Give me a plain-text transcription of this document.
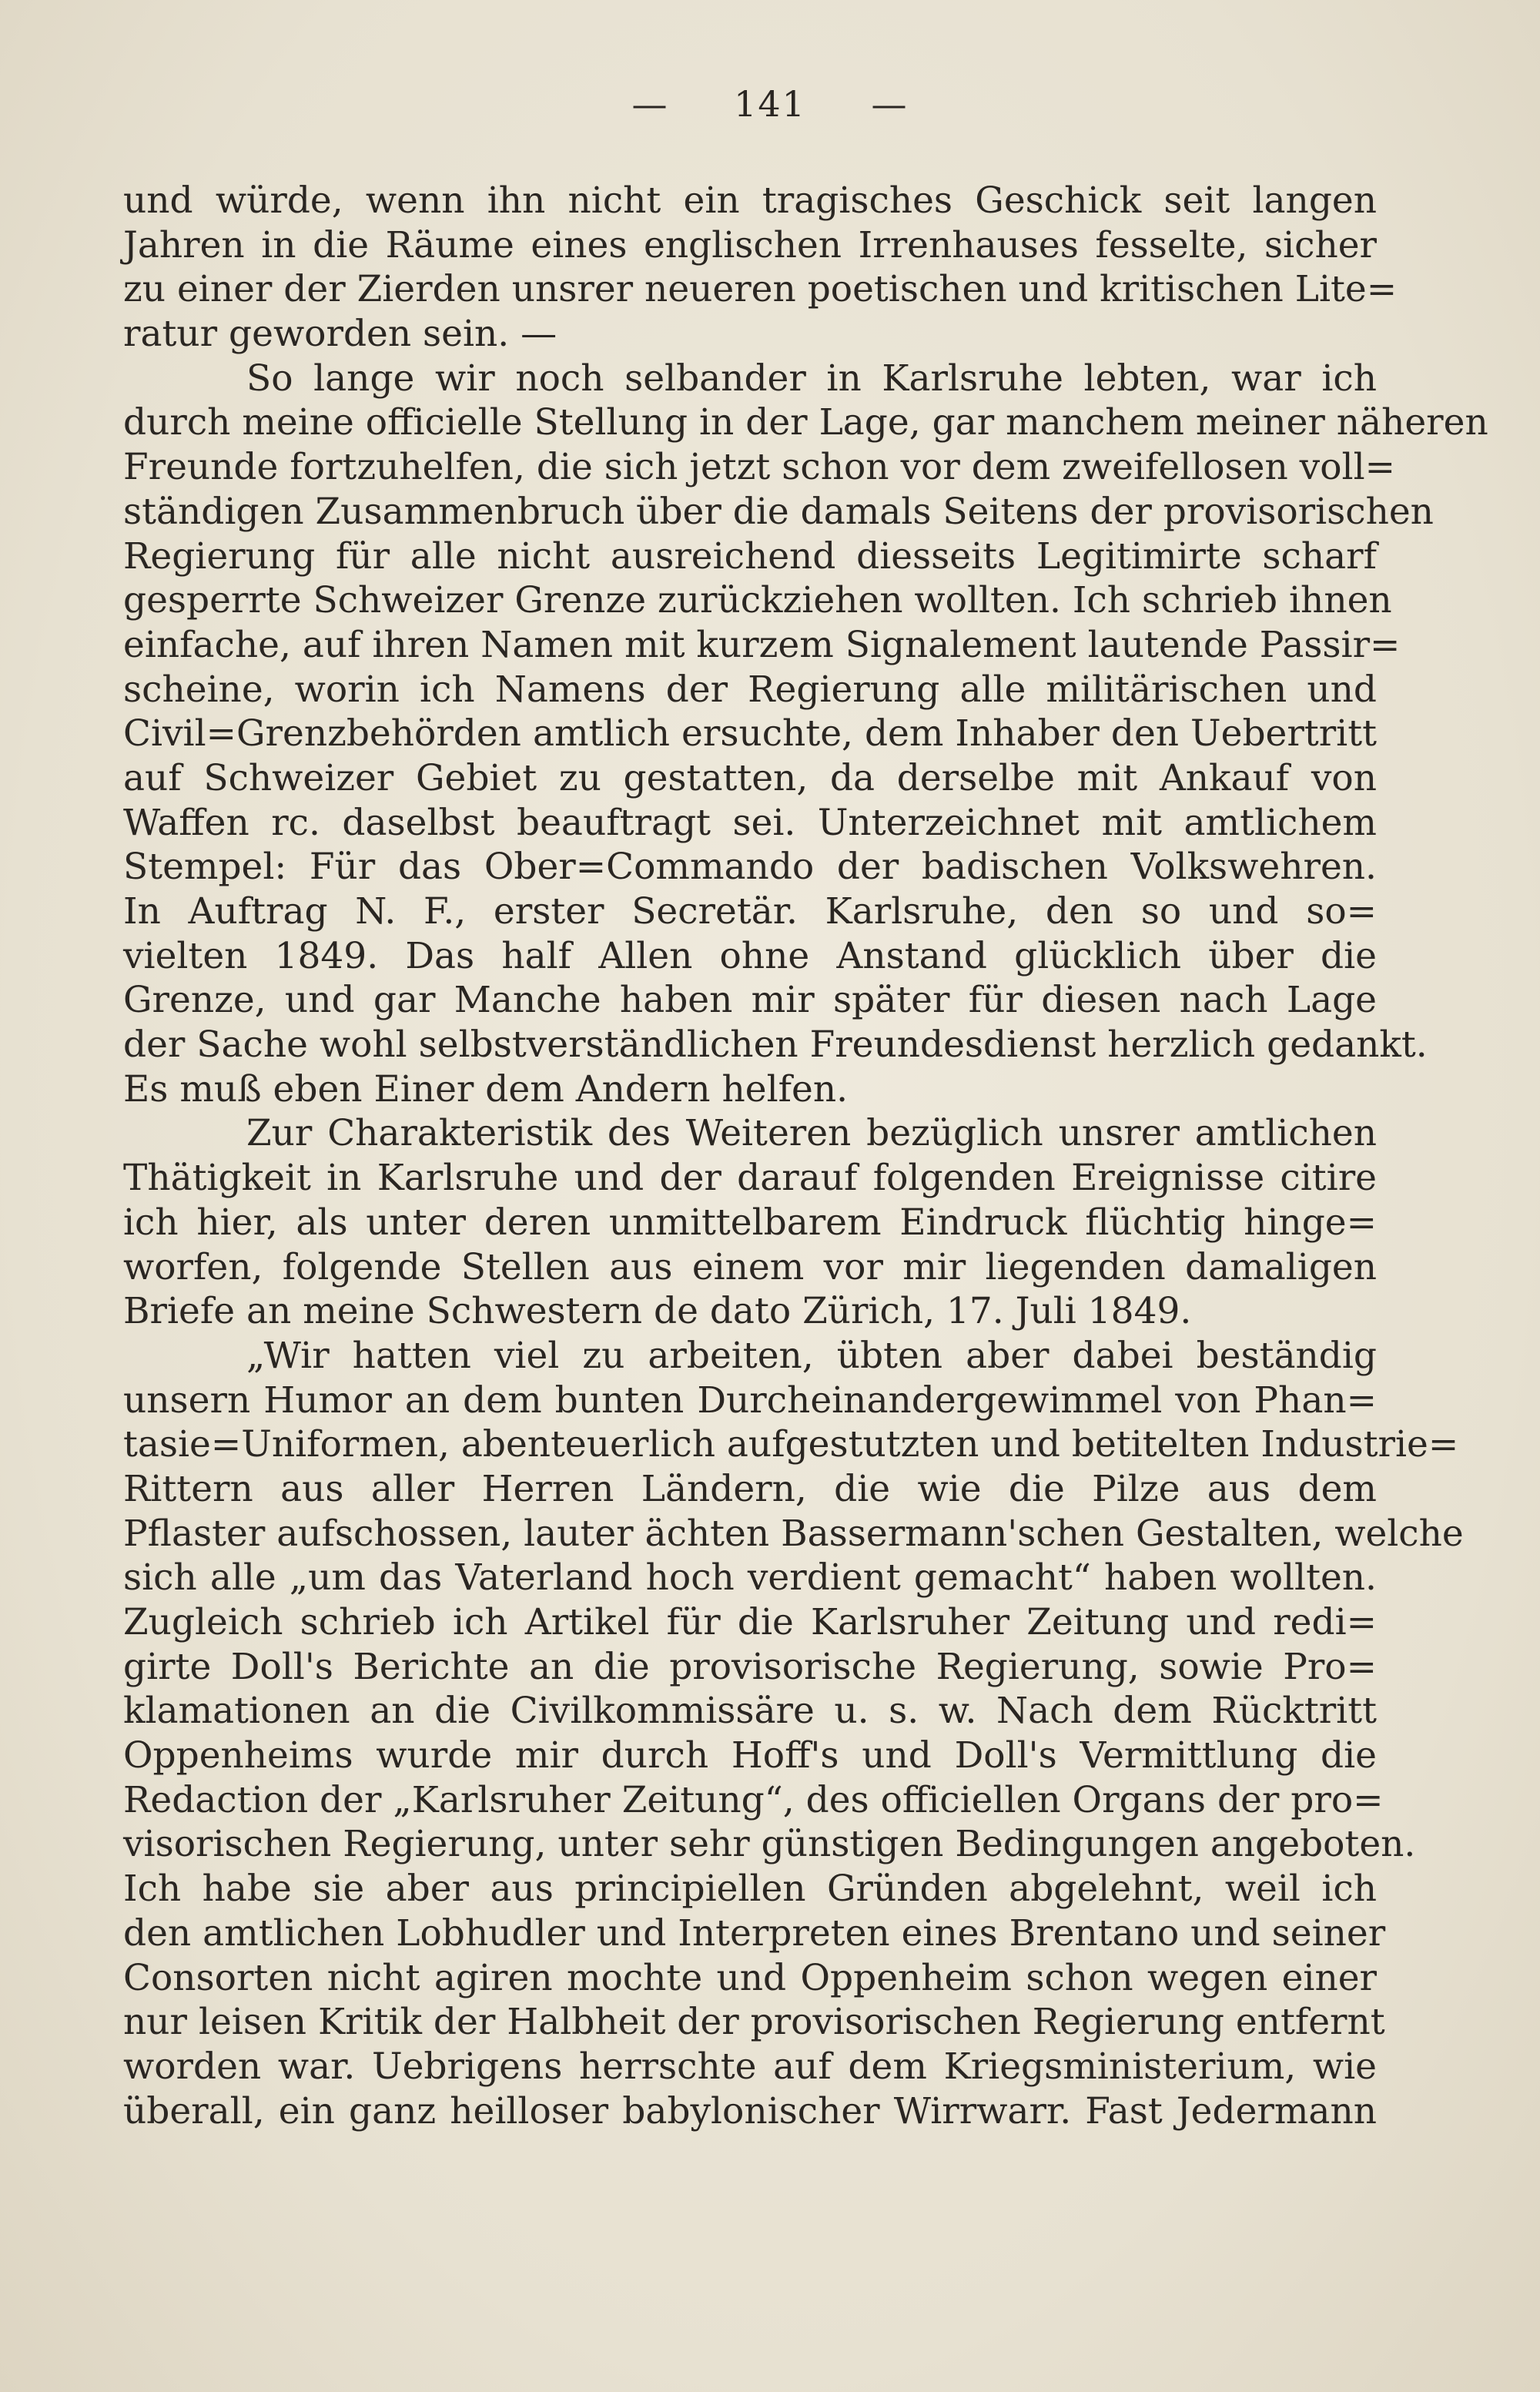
— 141 —
und würde, wenn ihn nicht ein tragisches Geschick seit langen
Jahren in die Räume eines englischen Irrenhauses fesselte, sicher
zu einer der Zierden unsrer neueren poetischen und kritischen Lite=
ratur geworden sein. —
So lange wir noch selbander in Karlsruhe lebten, war ich
durch meine officielle Stellung in der Lage, gar manchem meiner näheren
Freunde fortzuhelfen, die sich jetzt schon vor dem zweifellosen voll=
ständigen Zusammenbruch über die damals Seitens der provisorischen
Regierung für alle nicht ausreichend diesseits Legitimirte scharf
gesperrte Schweizer Grenze zurückziehen wollten. Ich schrieb ihnen
einfache, auf ihren Namen mit kurzem Signalement lautende Passir=
scheine, worin ich Namens der Regierung alle militärischen und
Civil=Grenzbehörden amtlich ersuchte, dem Inhaber den Uebertritt
auf Schweizer Gebiet zu gestatten, da derselbe mit Ankauf von
Waffen rc. daselbst beauftragt sei. Unterzeichnet mit amtlichem
Stempel: Für das Ober=Commando der badischen Volkswehren.
In Auftrag N. F., erster Secretär. Karlsruhe, den so und so=
vielten 1849. Das half Allen ohne Anstand glücklich über die
Grenze, und gar Manche haben mir später für diesen nach Lage
der Sache wohl selbstverständlichen Freundesdienst herzlich gedankt.
Es muß eben Einer dem Andern helfen.
Zur Charakteristik des Weiteren bezüglich unsrer amtlichen
Thätigkeit in Karlsruhe und der darauf folgenden Ereignisse citire
ich hier, als unter deren unmittelbarem Eindruck flüchtig hinge=
worfen, folgende Stellen aus einem vor mir liegenden damaligen
Briefe an meine Schwestern de dato Zürich, 17. Juli 1849.
„Wir hatten viel zu arbeiten, übten aber dabei beständig
unsern Humor an dem bunten Durcheinandergewimmel von Phan=
tasie=Uniformen, abenteuerlich aufgestutzten und betitelten Industrie=
Rittern aus aller Herren Ländern, die wie die Pilze aus dem
Pflaster aufschossen, lauter ächten Bassermann'schen Gestalten, welche
sich alle „um das Vaterland hoch verdient gemacht“ haben wollten.
Zugleich schrieb ich Artikel für die Karlsruher Zeitung und redi=
girte Doll's Berichte an die provisorische Regierung, sowie Pro=
klamationen an die Civilkommissäre u. s. w. Nach dem Rücktritt
Oppenheims wurde mir durch Hoff's und Doll's Vermittlung die
Redaction der „Karlsruher Zeitung“, des officiellen Organs der pro=
visorischen Regierung, unter sehr günstigen Bedingungen angeboten.
Ich habe sie aber aus principiellen Gründen abgelehnt, weil ich
den amtlichen Lobhudler und Interpreten eines Brentano und seiner
Consorten nicht agiren mochte und Oppenheim schon wegen einer
nur leisen Kritik der Halbheit der provisorischen Regierung entfernt
worden war. Uebrigens herrschte auf dem Kriegsministerium, wie
überall, ein ganz heilloser babylonischer Wirrwarr. Fast Jedermann
